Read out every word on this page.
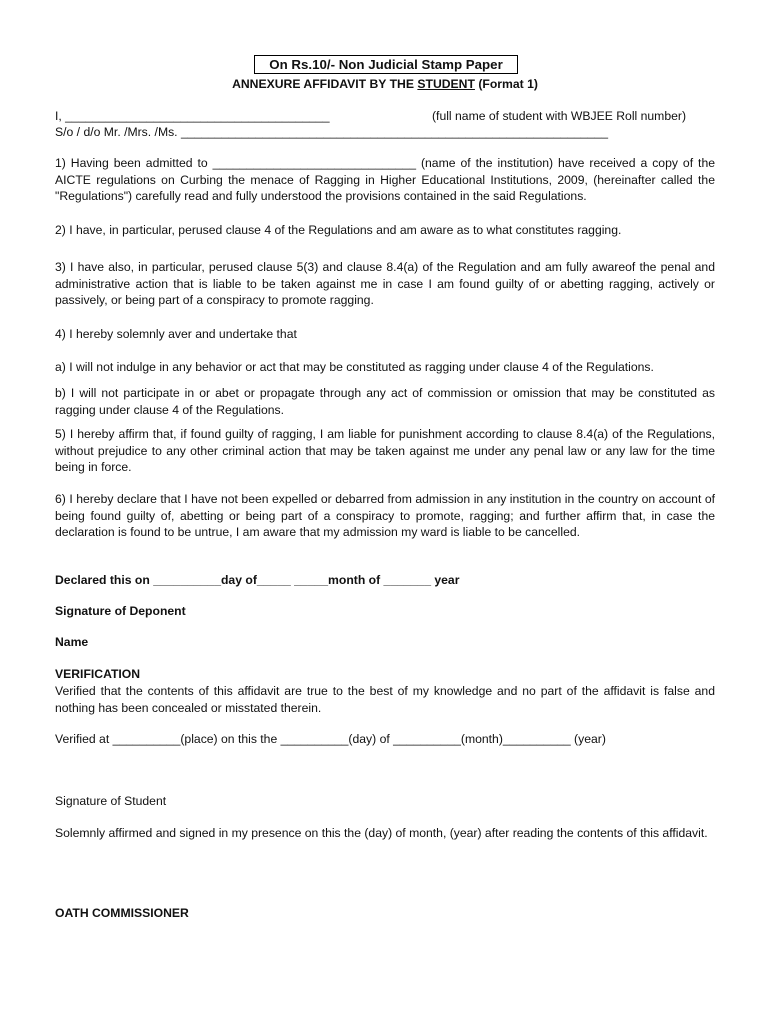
On Rs.10/- Non Judicial Stamp Paper
ANNEXURE AFFIDAVIT BY THE STUDENT (Format 1)
I, _______________________________________	(full name of student with WBJEE Roll number)
S/o / d/o Mr. /Mrs. /Ms. _______________________________________________________________
1) Having been admitted to ______________________________ (name of the institution) have received a copy of the AICTE regulations on Curbing the menace of Ragging in Higher Educational Institutions, 2009, (hereinafter called the "Regulations") carefully read and fully understood the provisions contained in the said Regulations.
2) I have, in particular, perused clause 4 of the Regulations and am aware as to what constitutes ragging.
3) I have also, in particular, perused clause 5(3) and clause 8.4(a) of the Regulation and am fully awareof the penal and administrative action that is liable to be taken against me in case I am found guilty of or abetting ragging, actively or passively, or being part of a conspiracy to promote ragging.
4) I hereby solemnly aver and undertake that
a) I will not indulge in any behavior or act that may be constituted as ragging under clause 4 of the Regulations.
b) I will not participate in or abet or propagate through any act of commission or omission that may be constituted as ragging under clause 4 of the Regulations.
5) I hereby affirm that, if found guilty of ragging, I am liable for punishment according to clause 8.4(a) of the Regulations, without prejudice to any other criminal action that may be taken against me under any penal law or any law for the time being in force.
6) I hereby declare that I have not been expelled or debarred from admission in any institution in the country on account of being found guilty of, abetting or being part of a conspiracy to promote, ragging; and further affirm that, in case the declaration is found to be untrue, I am aware that my admission my ward is liable to be cancelled.
Declared this on __________day of_____ _____month of _______ year
Signature of Deponent
Name
VERIFICATION
Verified that the contents of this affidavit are true to the best of my knowledge and no part of the affidavit is false and nothing has been concealed or misstated therein.
Verified at __________(place) on this the __________(day) of __________(month)__________ (year)
Signature of Student
Solemnly affirmed and signed in my presence on this the (day) of month, (year) after reading the contents of this affidavit.
OATH COMMISSIONER
